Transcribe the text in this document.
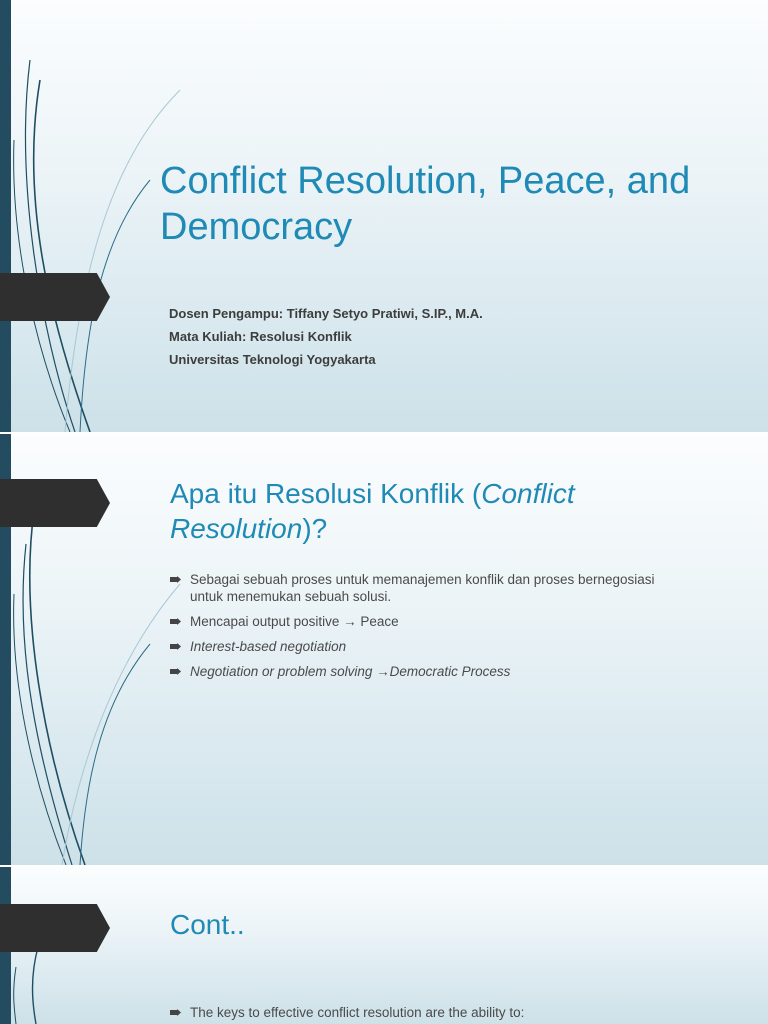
Conflict Resolution, Peace, and Democracy
Dosen Pengampu: Tiffany Setyo Pratiwi, S.IP., M.A.
Mata Kuliah: Resolusi Konflik
Universitas Teknologi Yogyakarta
Apa itu Resolusi Konflik (Conflict Resolution)?
Sebagai sebuah proses untuk memanajemen konflik dan proses bernegosiasi untuk menemukan sebuah solusi.
Mencapai output positive → Peace
Interest-based negotiation
Negotiation or problem solving →Democratic Process
Cont..
The keys to effective conflict resolution are the ability to:
